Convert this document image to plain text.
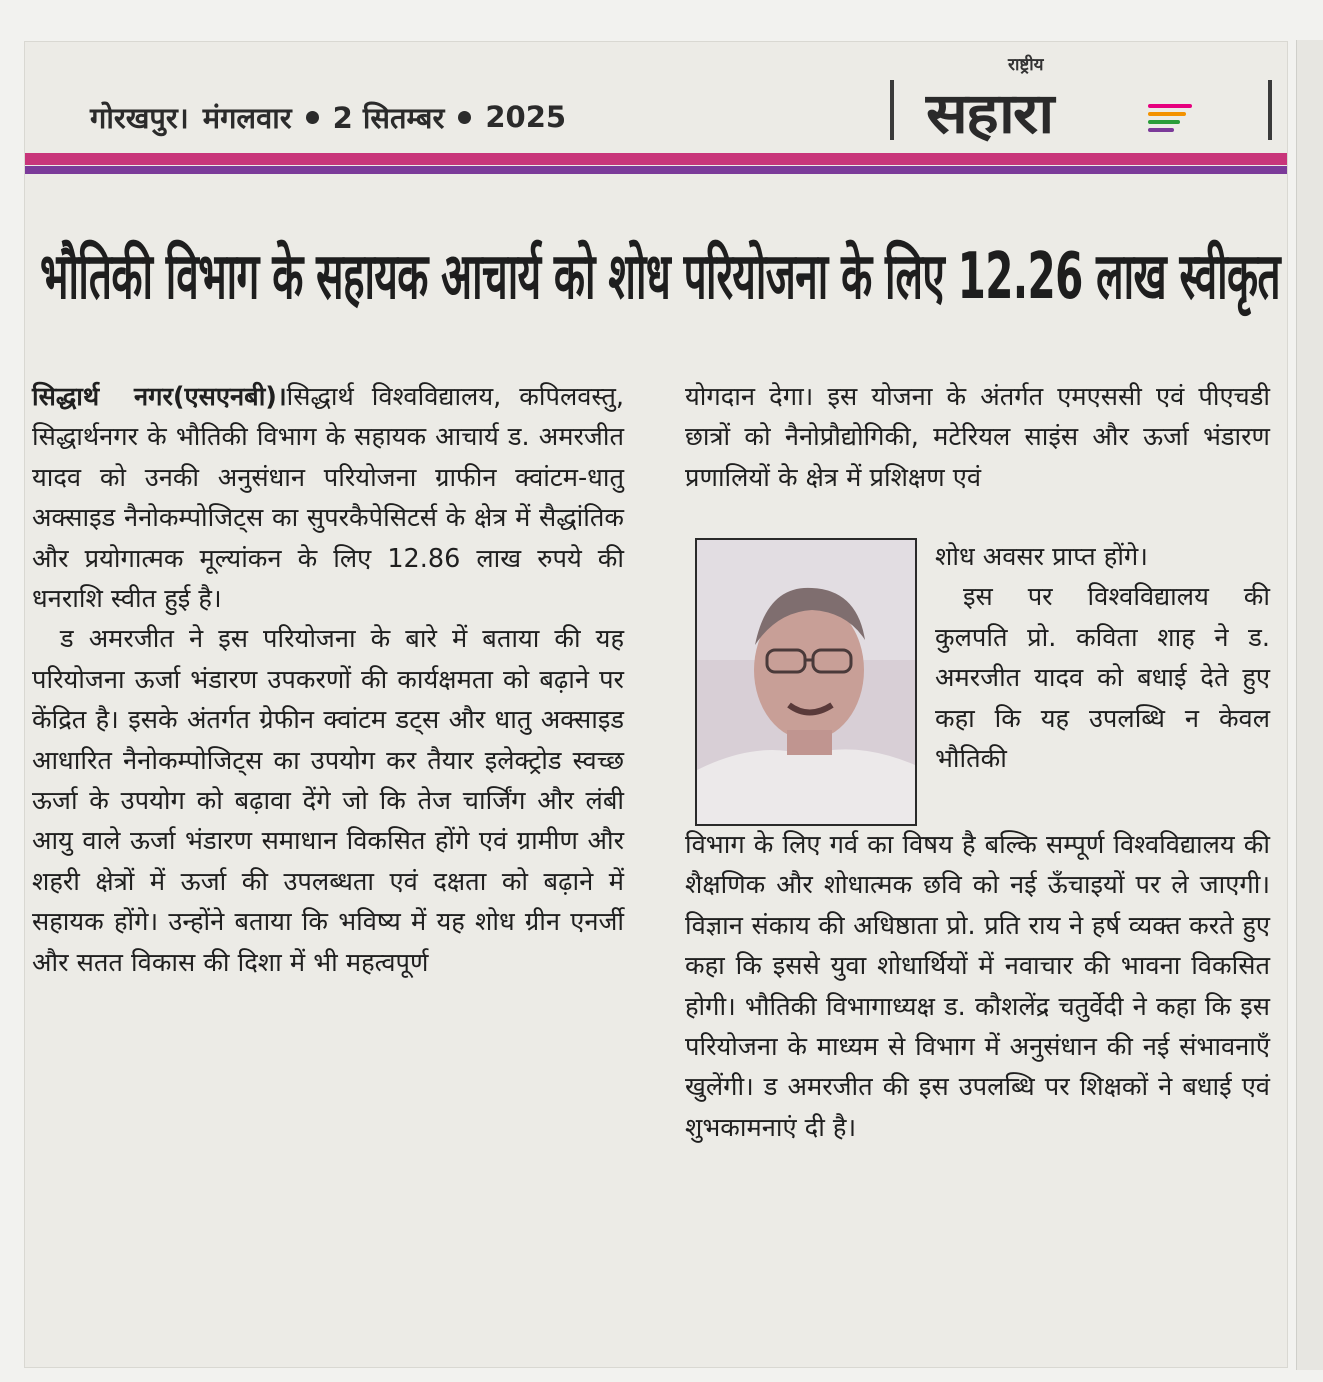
गोरखपुर। मंगलवार 2 सितम्बर 2025
राष्ट्रीय
सहारा
भौतिकी विभाग के सहायक आचार्य को शोध परियोजना के लिए 12.26 लाख स्वीकृत

सिद्धार्थ नगर(एसएनबी)।सिद्धार्थ विश्वविद्यालय, कपिलवस्तु, सिद्धार्थनगर के भौतिकी विभाग के सहायक आचार्य ड. अमरजीत यादव को उनकी अनुसंधान परियोजना ग्राफीन क्वांटम-धातु अक्साइड नैनोकम्पोजिट्स का सुपरकैपेसिटर्स के क्षेत्र में सैद्धांतिक और प्रयोगात्मक मूल्यांकन के लिए 12.86 लाख रुपये की धनराशि स्वीत हुई है।

ड अमरजीत ने इस परियोजना के बारे में बताया की यह परियोजना ऊर्जा भंडारण उपकरणों की कार्यक्षमता को बढ़ाने पर केंद्रित है। इसके अंतर्गत ग्रेफीन क्वांटम डट्स और धातु अक्साइड आधारित नैनोकम्पोजिट्स का उपयोग कर तैयार इलेक्ट्रोड स्वच्छ ऊर्जा के उपयोग को बढ़ावा देंगे जो कि तेज चार्जिंग और लंबी आयु वाले ऊर्जा भंडारण समाधान विकसित होंगे एवं ग्रामीण और शहरी क्षेत्रों में ऊर्जा की उपलब्धता एवं दक्षता को बढ़ाने में सहायक होंगे। उन्होंने बताया कि भविष्य में यह शोध ग्रीन एनर्जी और सतत विकास की दिशा में भी महत्वपूर्ण

योगदान देगा। इस योजना के अंतर्गत एमएससी एवं पीएचडी छात्रों को नैनोप्रौद्योगिकी, मटेरियल साइंस और ऊर्जा भंडारण प्रणालियों के क्षेत्र में प्रशिक्षण एवं

शोध अवसर प्राप्त होंगे।

इस पर विश्वविद्यालय की कुलपति प्रो. कविता शाह ने ड. अमरजीत यादव को बधाई देते हुए कहा कि यह उपलब्धि न केवल भौतिकी

विभाग के लिए गर्व का विषय है बल्कि सम्पूर्ण विश्वविद्यालय की शैक्षणिक और शोधात्मक छवि को नई ऊँचाइयों पर ले जाएगी। विज्ञान संकाय की अधिष्ठाता प्रो. प्रति राय ने हर्ष व्यक्त करते हुए कहा कि इससे युवा शोधार्थियों में नवाचार की भावना विकसित होगी। भौतिकी विभागाध्यक्ष ड. कौशलेंद्र चतुर्वेदी ने कहा कि इस परियोजना के माध्यम से विभाग में अनुसंधान की नई संभावनाएँ खुलेंगी। ड अमरजीत की इस उपलब्धि पर शिक्षकों ने बधाई एवं शुभकामनाएं दी है।
